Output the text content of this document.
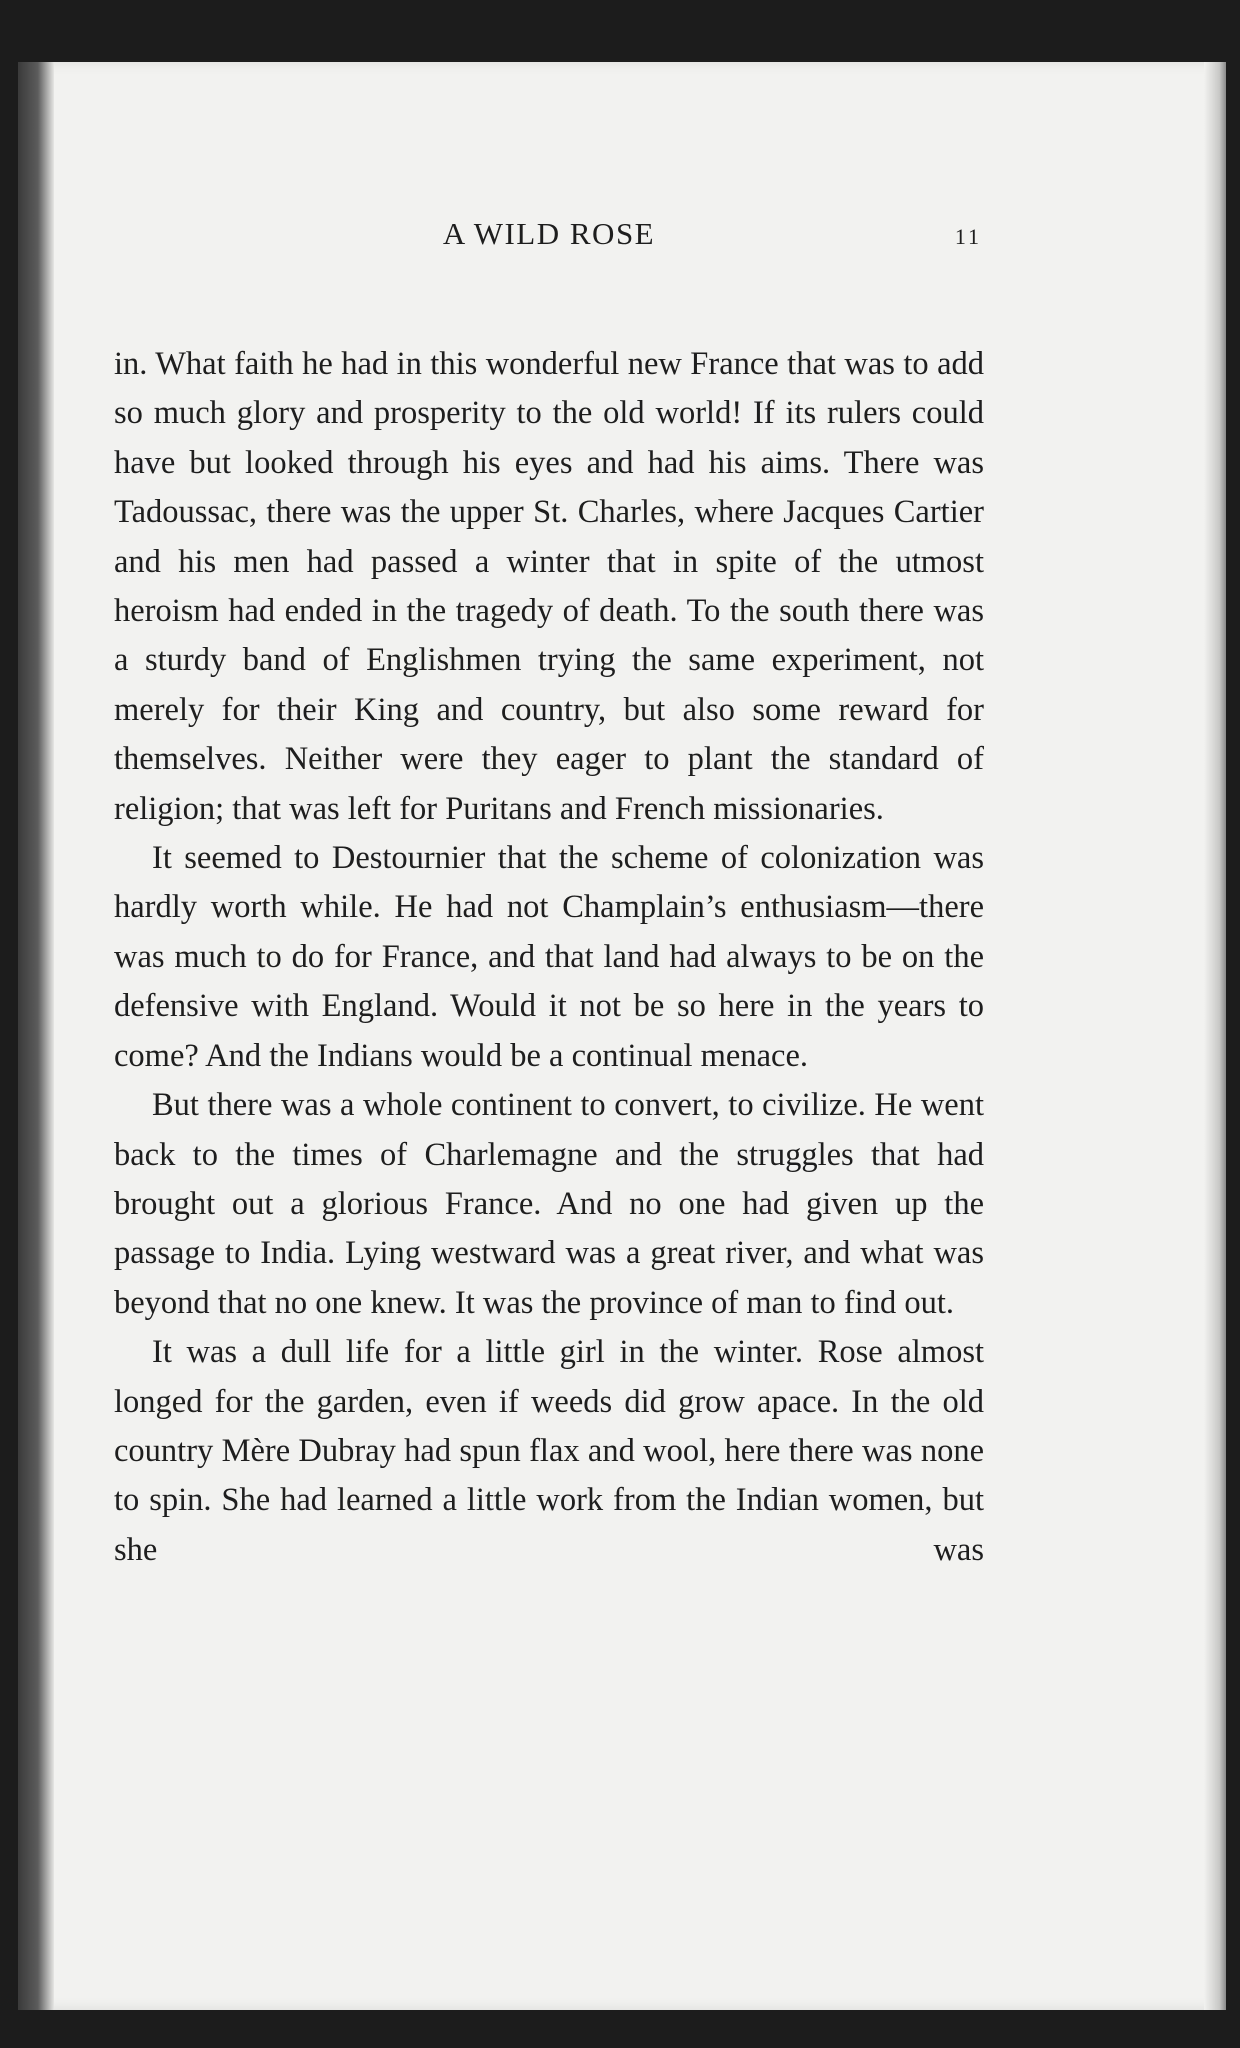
A WILD ROSE	11

in. What faith he had in this wonderful new France that was to add so much glory and prosperity to the old world! If its rulers could have but looked through his eyes and had his aims. There was Tadoussac, there was the upper St. Charles, where Jacques Cartier and his men had passed a winter that in spite of the utmost heroism had ended in the tragedy of death. To the south there was a sturdy band of Englishmen trying the same experiment, not merely for their King and country, but also some reward for themselves. Neither were they eager to plant the standard of religion; that was left for Puritans and French missionaries.

It seemed to Destournier that the scheme of colonization was hardly worth while. He had not Champlain’s enthusiasm—there was much to do for France, and that land had always to be on the defensive with England. Would it not be so here in the years to come? And the Indians would be a continual menace.

But there was a whole continent to convert, to civilize. He went back to the times of Charlemagne and the struggles that had brought out a glorious France. And no one had given up the passage to India. Lying westward was a great river, and what was beyond that no one knew. It was the province of man to find out.

It was a dull life for a little girl in the winter. Rose almost longed for the garden, even if weeds did grow apace. In the old country Mère Dubray had spun flax and wool, here there was none to spin. She had learned a little work from the Indian women, but she was
